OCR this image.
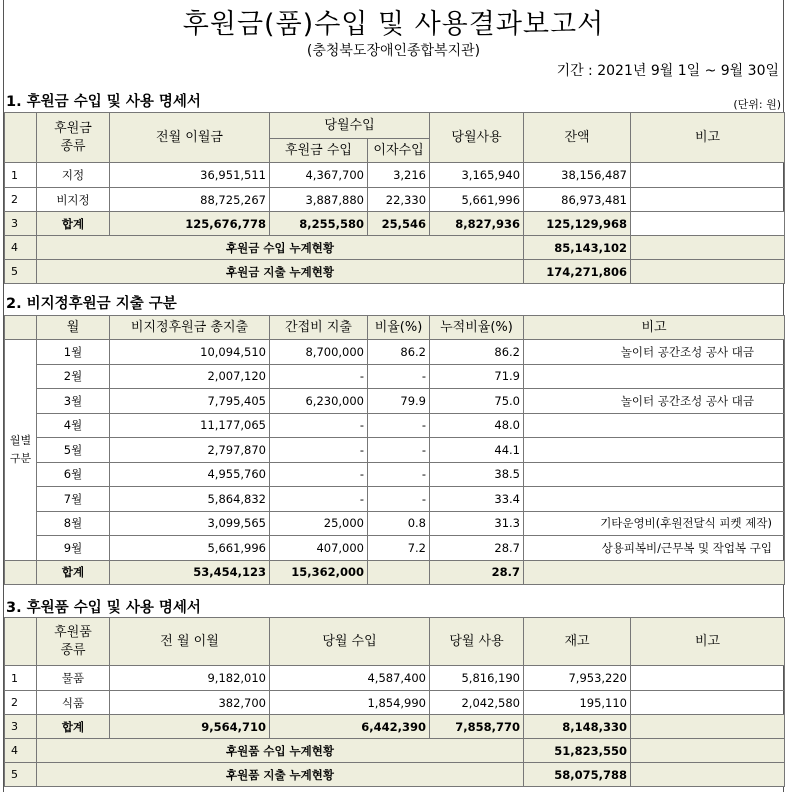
후원금(품)수입 및 사용결과보고서
(충청북도장애인종합복지관)
기간 : 2021년 9월 1일 ~ 9월 30일
1. 후원금 수입 및 사용 명세서	(단위: 원)

	후원금
종류	전월 이월금	당월수입		당월사용	잔액	비고
			후원금 수입	이자수입			
1	지정	36,951,511	4,367,700	3,216	3,165,940	38,156,487	
2	비지정	88,725,267	3,887,880	22,330	5,661,996	86,973,481	
3	합계	125,676,778	8,255,580	25,546	8,827,936	125,129,968	
4	후원금 수입 누계현황					85,143,102	
5	후원금 지출 누계현황					174,271,806	
2. 비지정후원금 지출 구분
	월	비지정후원금 총지출	간접비 지출	비율(%)	누적비율(%)	비고

월별
구분	1월	10,094,510	8,700,000	86.2	86.2	놀이터 공간조성 공사 대금
	2월	2,007,120	-	-	71.9	
	3월	7,795,405	6,230,000	79.9	75.0	놀이터 공간조성 공사 대금
	4월	11,177,065	-	-	48.0	
	5월	2,797,870	-	-	44.1	
	6월	4,955,760	-	-	38.5	
	7월	5,864,832	-	-	33.4	
	8월	3,099,565	25,000	0.8	31.3	기타운영비(후원전달식 피켓 제작)
	9월	5,661,996	407,000	7.2	28.7	상용피복비/근무복 및 작업복 구입
	합계	53,454,123	15,362,000		28.7	
3. 후원품 수입 및 사용 명세서

	후원품
종류	전 월 이월	당월 수입	당월 사용	재고	비고
1	물품	9,182,010	4,587,400	5,816,190	7,953,220	
2	식품	382,700	1,854,990	2,042,580	195,110	
3	합계	9,564,710	6,442,390	7,858,770	8,148,330	
4	후원품 수입 누계현황				51,823,550	
5	후원품 지출 누계현황				58,075,788	
